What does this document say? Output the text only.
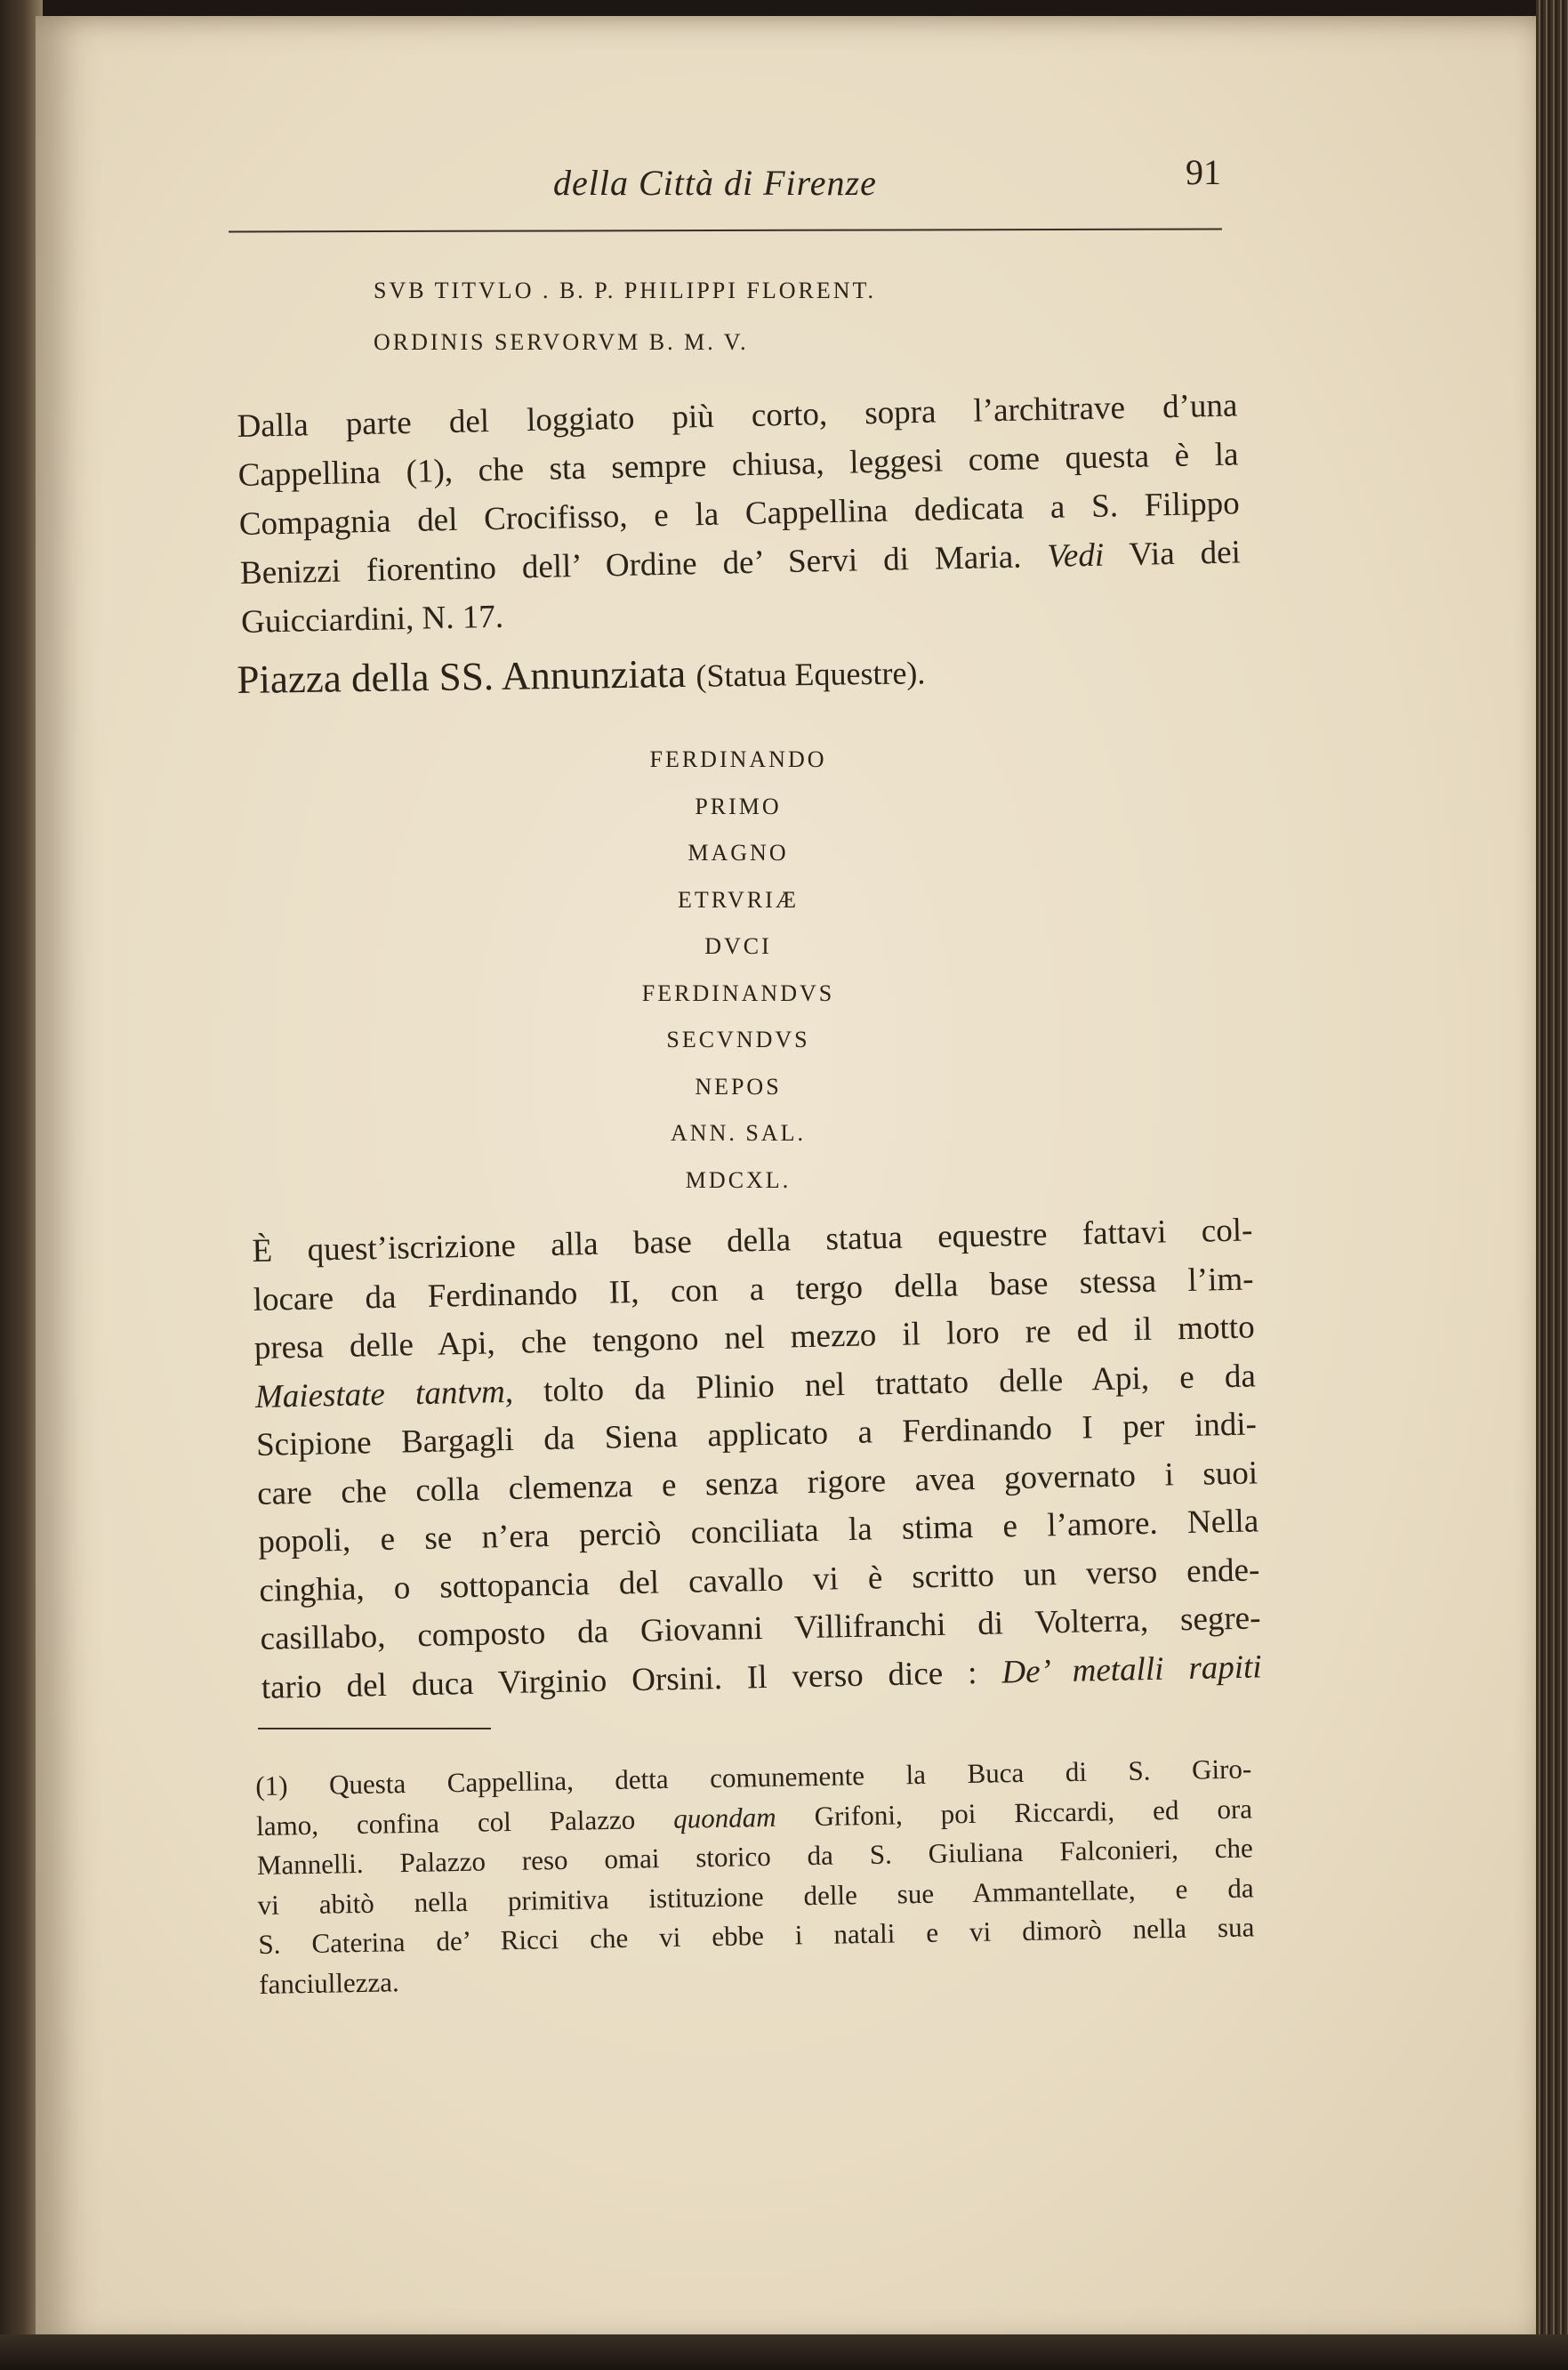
della Città di Firenze	91
SVB TITVLO . B. P. PHILIPPI FLORENT.
ORDINIS SERVORVM B. M. V.
Dalla parte del loggiato più corto, sopra l’architrave d’una
Cappellina (1), che sta sempre chiusa, leggesi come questa è la
Compagnia del Crocifisso, e la Cappellina dedicata a S. Filippo
Benizzi fiorentino dell’ Ordine de’ Servi di Maria. Vedi Via dei
Guicciardini, N. 17.
Piazza della SS. Annunziata (Statua Equestre).
FERDINANDO
PRIMO
MAGNO
ETRVRIÆ
DVCI
FERDINANDVS
SECVNDVS
NEPOS
ANN. SAL.
MDCXL.
È quest’iscrizione alla base della statua equestre fattavi col-
locare da Ferdinando II, con a tergo della base stessa l’im-
presa delle Api, che tengono nel mezzo il loro re ed il motto
Maiestate tantvm, tolto da Plinio nel trattato delle Api, e da
Scipione Bargagli da Siena applicato a Ferdinando I per indi-
care che colla clemenza e senza rigore avea governato i suoi
popoli, e se n’era perciò conciliata la stima e l’amore. Nella
cinghia, o sottopancia del cavallo vi è scritto un verso ende-
casillabo, composto da Giovanni Villifranchi di Volterra, segre-
tario del duca Virginio Orsini. Il verso dice : De’ metalli rapiti
(1) Questa Cappellina, detta comunemente la Buca di S. Giro-
lamo, confina col Palazzo quondam Grifoni, poi Riccardi, ed ora
Mannelli. Palazzo reso omai storico da S. Giuliana Falconieri, che
vi abitò nella primitiva istituzione delle sue Ammantellate, e da
S. Caterina de’ Ricci che vi ebbe i natali e vi dimorò nella sua
fanciullezza.
